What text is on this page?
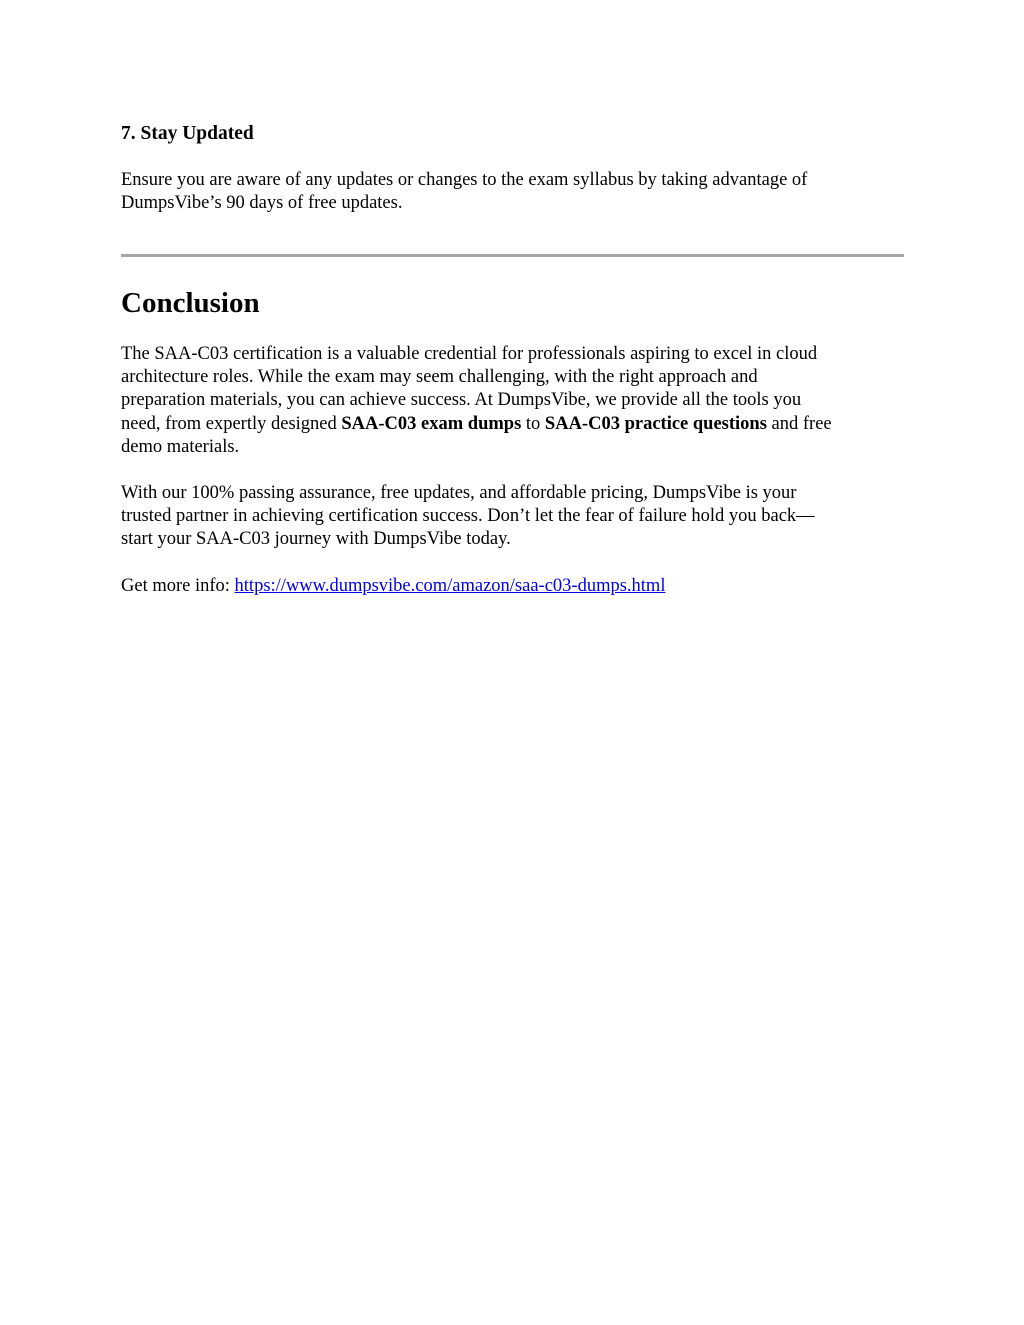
7. Stay Updated

Ensure you are aware of any updates or changes to the exam syllabus by taking advantage of
DumpsVibe’s 90 days of free updates.

Conclusion

The SAA-C03 certification is a valuable credential for professionals aspiring to excel in cloud
architecture roles. While the exam may seem challenging, with the right approach and
preparation materials, you can achieve success. At DumpsVibe, we provide all the tools you
need, from expertly designed SAA-C03 exam dumps to SAA-C03 practice questions and free
demo materials.

With our 100% passing assurance, free updates, and affordable pricing, DumpsVibe is your
trusted partner in achieving certification success. Don’t let the fear of failure hold you back—
start your SAA-C03 journey with DumpsVibe today.

Get more info: https://www.dumpsvibe.com/amazon/saa-c03-dumps.html
